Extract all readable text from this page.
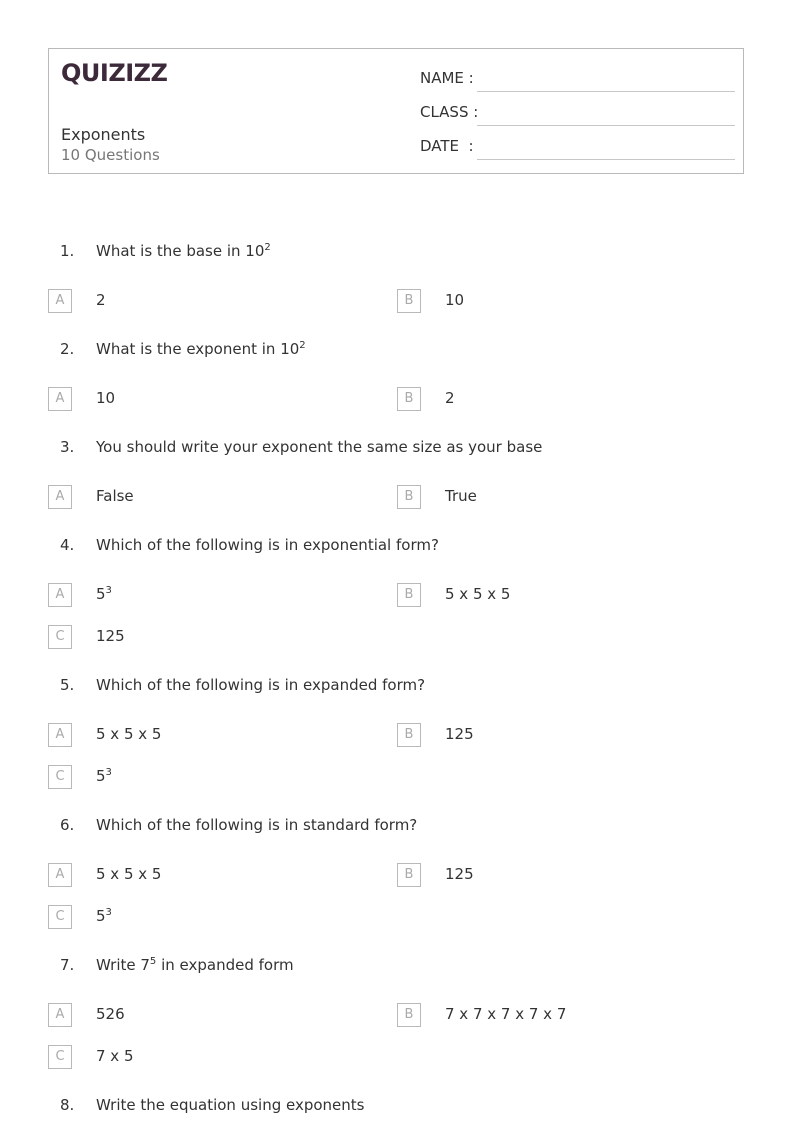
QUIZIZZ
Exponents
10 Questions
NAME :
CLASS :
DATE  :
1. What is the base in $10^2$
A	2	B	10
2. What is the exponent in $10^2$
A	10	B	2
3. You should write your exponent the same size as your base
A	False	B	True
4. Which of the following is in exponential form?
A	$5^3$	B	5 x 5 x 5
C	125
5. Which of the following is in expanded form?
A	5 x 5 x 5	B	125
C	$5^3$
6. Which of the following is in standard form?
A	5 x 5 x 5	B	125
C	$5^3$
7. Write $7^5$ in expanded form
A	526	B	7 x 7 x 7 x 7 x 7
C	7 x 5
8. Write the equation using exponents
